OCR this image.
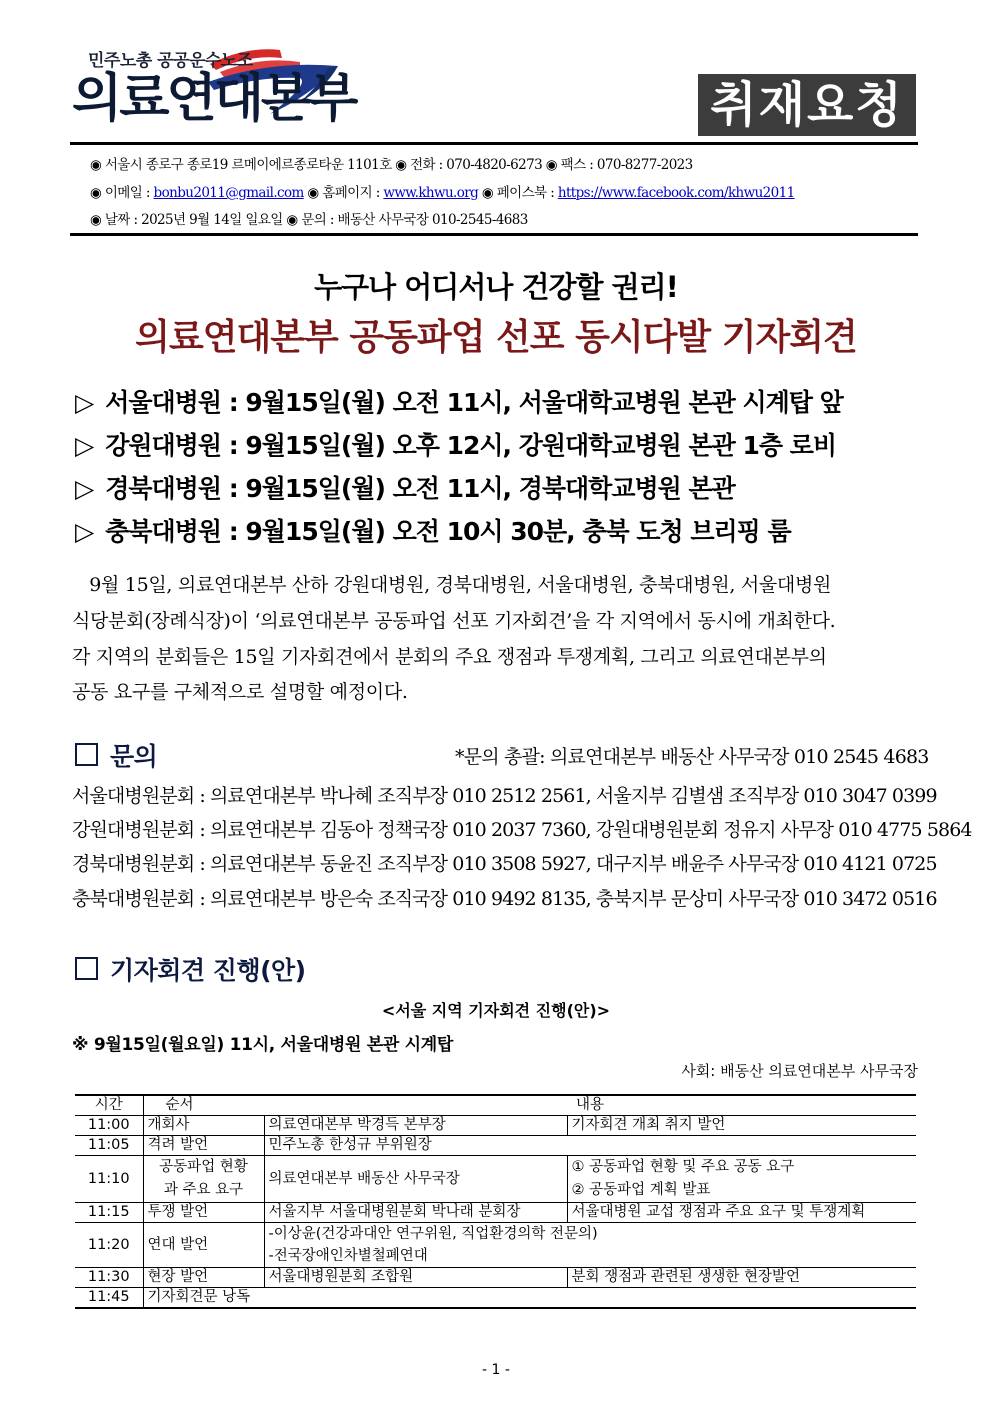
민주노총 공공운수노조
의료연대본부	취재요청
◉ 서울시 종로구 종로19 르메이에르종로타운 1101호 ◉ 전화 : 070-4820-6273 ◉ 팩스 : 070-8277-2023
◉ 이메일 : bonbu2011@gmail.com ◉ 홈페이지 : www.khwu.org ◉ 페이스북 : https://www.facebook.com/khwu2011
◉ 날짜 : 2025년 9월 14일 일요일 ◉ 문의 : 배동산 사무국장 010-2545-4683
누구나 어디서나 건강할 권리!
의료연대본부 공동파업 선포 동시다발 기자회견
▷ 서울대병원 : 9월15일(월) 오전 11시, 서울대학교병원 본관 시계탑 앞
▷ 강원대병원 : 9월15일(월) 오후 12시, 강원대학교병원 본관 1층 로비
▷ 경북대병원 : 9월15일(월) 오전 11시, 경북대학교병원 본관
▷ 충북대병원 : 9월15일(월) 오전 10시 30분, 충북 도청 브리핑 룸
9월 15일, 의료연대본부 산하 강원대병원, 경북대병원, 서울대병원, 충북대병원, 서울대병원
식당분회(장례식장)이 ‘의료연대본부 공동파업 선포 기자회견’을 각 지역에서 동시에 개최한다.
각 지역의 분회들은 15일 기자회견에서 분회의 주요 쟁점과 투쟁계획, 그리고 의료연대본부의
공동 요구를 구체적으로 설명할 예정이다.
문의	*문의 총괄: 의료연대본부 배동산 사무국장 010 2545 4683
서울대병원분회 : 의료연대본부 박나혜 조직부장 010 2512 2561, 서울지부 김별샘 조직부장 010 3047 0399
강원대병원분회 : 의료연대본부 김동아 정책국장 010 2037 7360, 강원대병원분회 정유지 사무장 010 4775 5864
경북대병원분회 : 의료연대본부 동윤진 조직부장 010 3508 5927, 대구지부 배윤주 사무국장 010 4121 0725
충북대병원분회 : 의료연대본부 방은숙 조직국장 010 9492 8135, 충북지부 문상미 사무국장 010 3472 0516
기자회견 진행(안)
<서울 지역 기자회견 진행(안)>
※ 9월15일(월요일) 11시, 서울대병원 본관 시계탑
사회: 배동산 의료연대본부 사무국장
시간	순서	내용	
11:00	개회사	의료연대본부 박경득 본부장	기자회견 개최 취지 발언
11:05	격려 발언	민주노총 한성규 부위원장	
11:10	공동파업 현황	의료연대본부 배동산 사무국장	① 공동파업 현황 및 주요 공동 요구
	과 주요 요구		② 공동파업 계획 발표
11:15	투쟁 발언	서울지부 서울대병원분회 박나래 분회장	서울대병원 교섭 쟁점과 주요 요구 및 투쟁계획
11:20	연대 발언	-이상윤(건강과대안 연구위원, 직업환경의학 전문의)	
		-전국장애인차별철폐연대	
11:30	현장 발언	서울대병원분회 조합원	분회 쟁점과 관련된 생생한 현장발언
11:45	기자회견문 낭독		
- 1 -
